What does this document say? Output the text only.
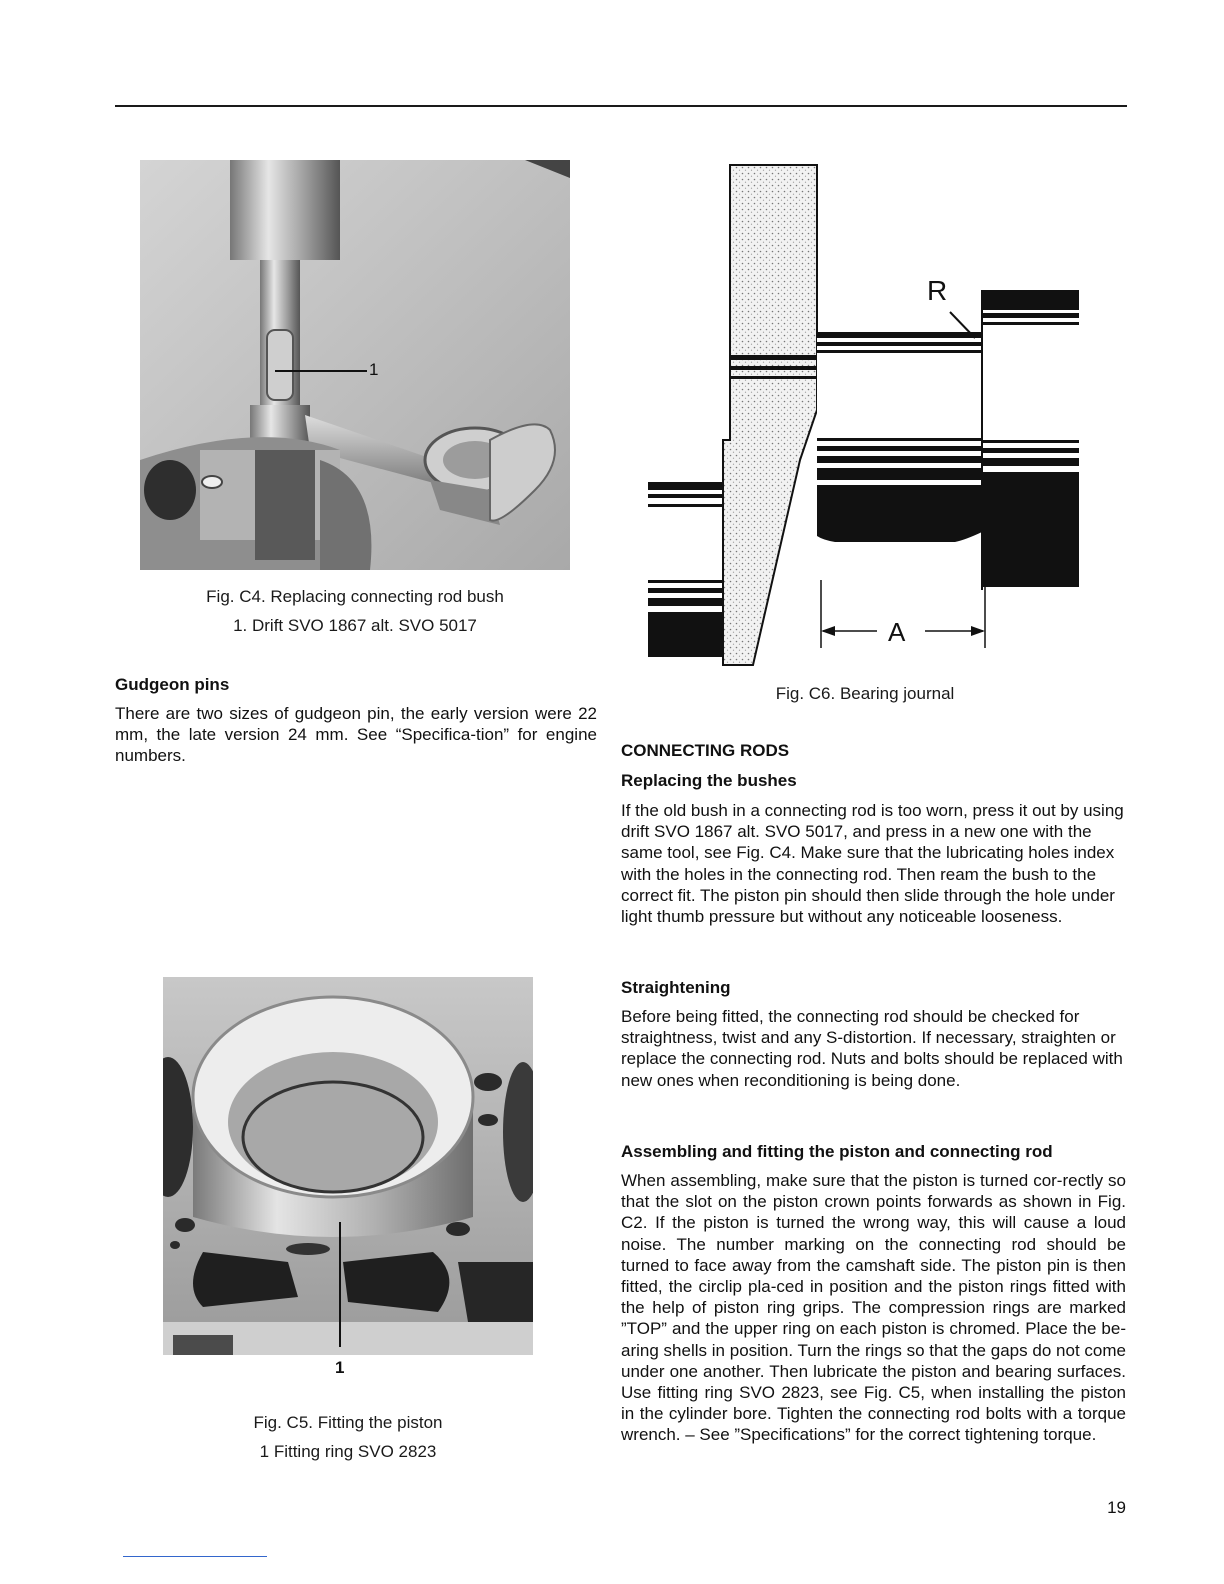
1
Fig. C4. Replacing connecting rod bush
1. Drift SVO 1867 alt. SVO 5017
Gudgeon pins

There are two sizes of gudgeon pin, the early version were 22 mm, the late version 24 mm. See “Specifica-tion” for engine numbers.

1
Fig. C5. Fitting the piston
1 Fitting ring SVO 2823
R
A
Fig. C6. Bearing journal
CONNECTING RODS
Replacing the bushes

If the old bush in a connecting rod is too worn, press it out by using drift SVO 1867 alt. SVO 5017, and press in a new one with the same tool, see Fig. C4. Make sure that the lubricating holes index with the holes in the connecting rod. Then ream the bush to the correct fit. The piston pin should then slide through the hole under light thumb pressure but without any noticeable looseness.

Straightening

Before being fitted, the connecting rod should be checked for straightness, twist and any S-distortion. If necessary, straighten or replace the connecting rod. Nuts and bolts should be replaced with new ones when reconditioning is being done.

Assembling and fitting the piston and connecting rod

When assembling, make sure that the piston is turned cor-rectly so that the slot on the piston crown points forwards as shown in Fig. C2. If the piston is turned the wrong way, this will cause a loud noise. The number marking on the connecting rod should be turned to face away from the camshaft side. The piston pin is then fitted, the circlip pla-ced in position and the piston rings fitted with the help of piston ring grips. The compression rings are marked ”TOP” and the upper ring on each piston is chromed. Place the be-aring shells in position. Turn the rings so that the gaps do not come under one another. Then lubricate the piston and bearing surfaces. Use fitting ring SVO 2823, see Fig. C5, when installing the piston in the cylinder bore. Tighten the connecting rod bolts with a torque wrench. – See ”Specifications” for the correct tightening torque.

19
